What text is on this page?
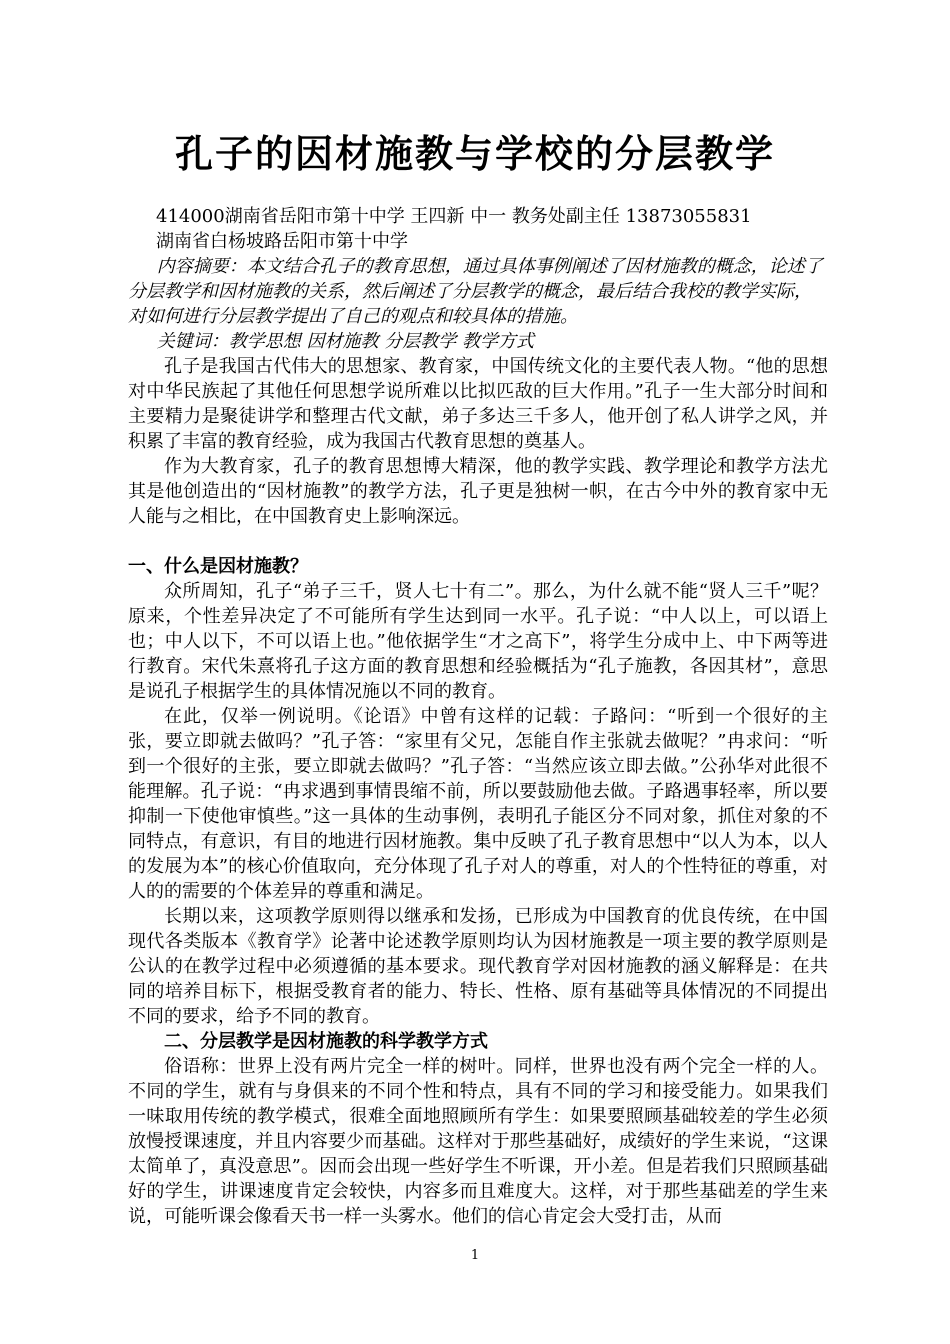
孔子的因材施教与学校的分层教学
414000湖南省岳阳市第十中学 王四新 中一 教务处副主任 13873055831
湖南省白杨坡路岳阳市第十中学
内容摘要：本文结合孔子的教育思想，通过具体事例阐述了因材施教的概念，论述了分层教学和因材施教的关系，然后阐述了分层教学的概念，最后结合我校的教学实际，对如何进行分层教学提出了自己的观点和较具体的措施。
关键词：教学思想 因材施教 分层教学 教学方式
孔子是我国古代伟大的思想家、教育家，中国传统文化的主要代表人物。“他的思想对中华民族起了其他任何思想学说所难以比拟匹敌的巨大作用。”孔子一生大部分时间和主要精力是聚徒讲学和整理古代文献，弟子多达三千多人，他开创了私人讲学之风，并积累了丰富的教育经验，成为我国古代教育思想的奠基人。
作为大教育家，孔子的教育思想博大精深，他的教学实践、教学理论和教学方法尤其是他创造出的“因材施教”的教学方法，孔子更是独树一帜，在古今中外的教育家中无人能与之相比，在中国教育史上影响深远。
一、什么是因材施教？
众所周知，孔子“弟子三千，贤人七十有二”。那么，为什么就不能“贤人三千”呢？原来，个性差异决定了不可能所有学生达到同一水平。孔子说：“中人以上，可以语上也；中人以下，不可以语上也。”他依据学生“才之高下”，将学生分成中上、中下两等进行教育。宋代朱熹将孔子这方面的教育思想和经验概括为“孔子施教，各因其材”，意思是说孔子根据学生的具体情况施以不同的教育。
在此，仅举一例说明。《论语》中曾有这样的记载：子路问：“听到一个很好的主张，要立即就去做吗？”孔子答：“家里有父兄，怎能自作主张就去做呢？”冉求问：“听到一个很好的主张，要立即就去做吗？”孔子答：“当然应该立即去做。”公孙华对此很不能理解。孔子说：“冉求遇到事情畏缩不前，所以要鼓励他去做。子路遇事轻率，所以要抑制一下使他审慎些。”这一具体的生动事例，表明孔子能区分不同对象，抓住对象的不同特点，有意识，有目的地进行因材施教。集中反映了孔子教育思想中“以人为本，以人的发展为本”的核心价值取向，充分体现了孔子对人的尊重，对人的个性特征的尊重，对人的的需要的个体差异的尊重和满足。
长期以来，这项教学原则得以继承和发扬，已形成为中国教育的优良传统，在中国现代各类版本《教育学》论著中论述教学原则均认为因材施教是一项主要的教学原则是公认的在教学过程中必须遵循的基本要求。现代教育学对因材施教的涵义解释是：在共同的培养目标下，根据受教育者的能力、特长、性格、原有基础等具体情况的不同提出不同的要求，给予不同的教育。
二、分层教学是因材施教的科学教学方式
俗语称：世界上没有两片完全一样的树叶。同样，世界也没有两个完全一样的人。不同的学生，就有与身俱来的不同个性和特点，具有不同的学习和接受能力。如果我们一味取用传统的教学模式，很难全面地照顾所有学生：如果要照顾基础较差的学生必须放慢授课速度，并且内容要少而基础。这样对于那些基础好，成绩好的学生来说，“这课太简单了，真没意思”。因而会出现一些好学生不听课，开小差。但是若我们只照顾基础好的学生，讲课速度肯定会较快，内容多而且难度大。这样，对于那些基础差的学生来说，可能听课会像看天书一样一头雾水。他们的信心肯定会大受打击，从而
1
